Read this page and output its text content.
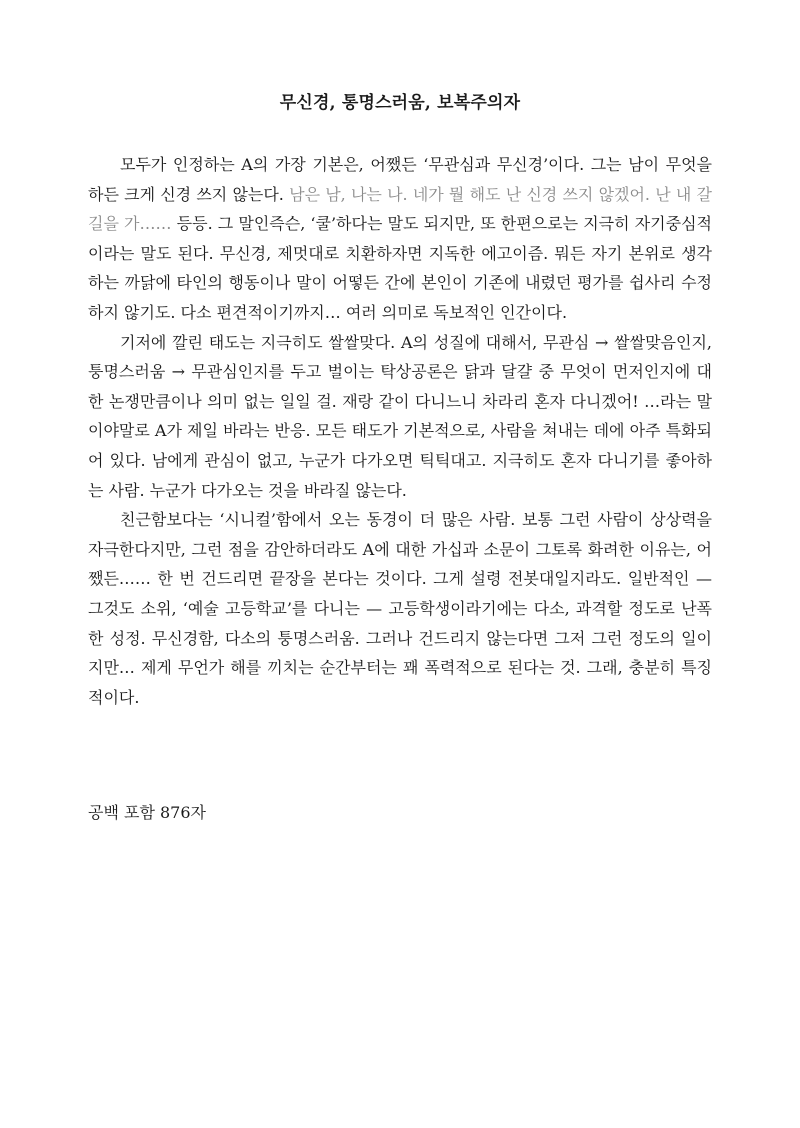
무신경, 통명스러움, 보복주의자

모두가 인정하는 A의 가장 기본은, 어쨌든 ‘무관심과 무신경’이다. 그는 남이 무엇을 하든 크게 신경 쓰지 않는다. 남은 남, 나는 나. 네가 뭘 해도 난 신경 쓰지 않겠어. 난 내 갈 길을 가…… 등등. 그 말인즉슨, ‘쿨’하다는 말도 되지만, 또 한편으로는 지극히 자기중심적이라는 말도 된다. 무신경, 제멋대로 치환하자면 지독한 에고이즘. 뭐든 자기 본위로 생각하는 까닭에 타인의 행동이나 말이 어떻든 간에 본인이 기존에 내렸던 평가를 쉽사리 수정하지 않기도. 다소 편견적이기까지… 여러 의미로 독보적인 인간이다.

기저에 깔린 태도는 지극히도 쌀쌀맞다. A의 성질에 대해서, 무관심 → 쌀쌀맞음인지, 퉁명스러움 → 무관심인지를 두고 벌이는 탁상공론은 닭과 달걀 중 무엇이 먼저인지에 대한 논쟁만큼이나 의미 없는 일일 걸. 재랑 같이 다니느니 차라리 혼자 다니겠어! …라는 말이야말로 A가 제일 바라는 반응. 모든 태도가 기본적으로, 사람을 쳐내는 데에 아주 특화되어 있다. 남에게 관심이 없고, 누군가 다가오면 틱틱대고. 지극히도 혼자 다니기를 좋아하는 사람. 누군가 다가오는 것을 바라질 않는다.

친근함보다는 ‘시니컬’함에서 오는 동경이 더 많은 사람. 보통 그런 사람이 상상력을 자극한다지만, 그런 점을 감안하더라도 A에 대한 가십과 소문이 그토록 화려한 이유는, 어쨌든…… 한 번 건드리면 끝장을 본다는 것이다. 그게 설령 전봇대일지라도. 일반적인 — 그것도 소위, ‘예술 고등학교’를 다니는 — 고등학생이라기에는 다소, 과격할 정도로 난폭한 성정. 무신경함, 다소의 퉁명스러움. 그러나 건드리지 않는다면 그저 그런 정도의 일이지만… 제게 무언가 해를 끼치는 순간부터는 꽤 폭력적으로 된다는 것. 그래, 충분히 특징적이다.

공백 포함 876자
